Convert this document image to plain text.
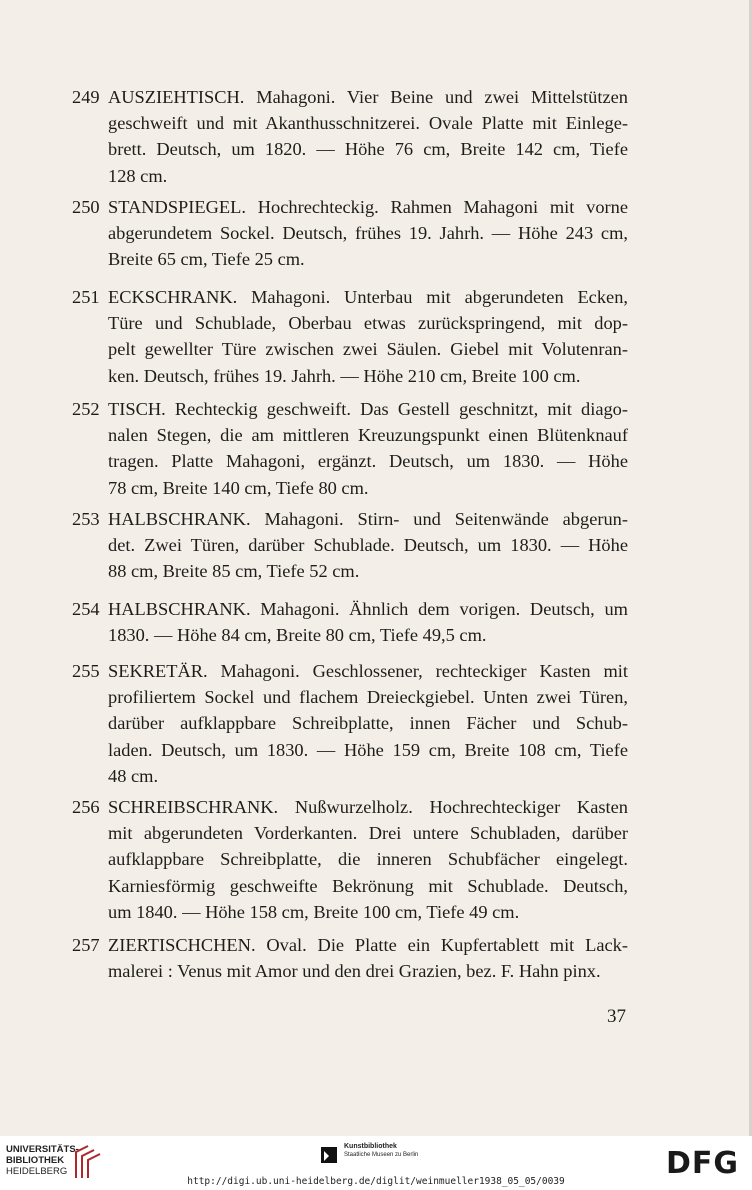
249 AUSZIEHTISCH. Mahagoni. Vier Beine und zwei Mittelstützen
geschweift und mit Akanthusschnitzerei. Ovale Platte mit Einlege-
brett. Deutsch, um 1820. — Höhe 76 cm, Breite 142 cm, Tiefe
128 cm.
250 STANDSPIEGEL. Hochrechteckig. Rahmen Mahagoni mit vorne
abgerundetem Sockel. Deutsch, frühes 19. Jahrh. — Höhe 243 cm,
Breite 65 cm, Tiefe 25 cm.
251 ECKSCHRANK. Mahagoni. Unterbau mit abgerundeten Ecken,
Türe und Schublade, Oberbau etwas zurückspringend, mit dop-
pelt gewellter Türe zwischen zwei Säulen. Giebel mit Volutenran-
ken. Deutsch, frühes 19. Jahrh. — Höhe 210 cm, Breite 100 cm.
252 TISCH. Rechteckig geschweift. Das Gestell geschnitzt, mit diago-
nalen Stegen, die am mittleren Kreuzungspunkt einen Blütenknauf
tragen. Platte Mahagoni, ergänzt. Deutsch, um 1830. — Höhe
78 cm, Breite 140 cm, Tiefe 80 cm.
253 HALBSCHRANK. Mahagoni. Stirn- und Seitenwände abgerun-
det. Zwei Türen, darüber Schublade. Deutsch, um 1830. — Höhe
88 cm, Breite 85 cm, Tiefe 52 cm.
254 HALBSCHRANK. Mahagoni. Ähnlich dem vorigen. Deutsch, um
1830. — Höhe 84 cm, Breite 80 cm, Tiefe 49,5 cm.
255 SEKRETÄR. Mahagoni. Geschlossener, rechteckiger Kasten mit
profiliertem Sockel und flachem Dreieckgiebel. Unten zwei Türen,
darüber aufklappbare Schreibplatte, innen Fächer und Schub-
laden. Deutsch, um 1830. — Höhe 159 cm, Breite 108 cm, Tiefe
48 cm.
256 SCHREIBSCHRANK. Nußwurzelholz. Hochrechteckiger Kasten
mit abgerundeten Vorderkanten. Drei untere Schubladen, darüber
aufklappbare Schreibplatte, die inneren Schubfächer eingelegt.
Karniesförmig geschweifte Bekrönung mit Schublade. Deutsch,
um 1840. — Höhe 158 cm, Breite 100 cm, Tiefe 49 cm.
257 ZIERTISCHCHEN. Oval. Die Platte ein Kupfertablett mit Lack-
malerei : Venus mit Amor und den drei Grazien, bez. F. Hahn pinx.
37
UNIVERSITÄTS-
BIBLIOTHEK
HEIDELBERG
Kunstbibliothek
Staatliche Museen zu Berlin
http://digi.ub.uni-heidelberg.de/diglit/weinmueller1938_05_05/0039
DFG
